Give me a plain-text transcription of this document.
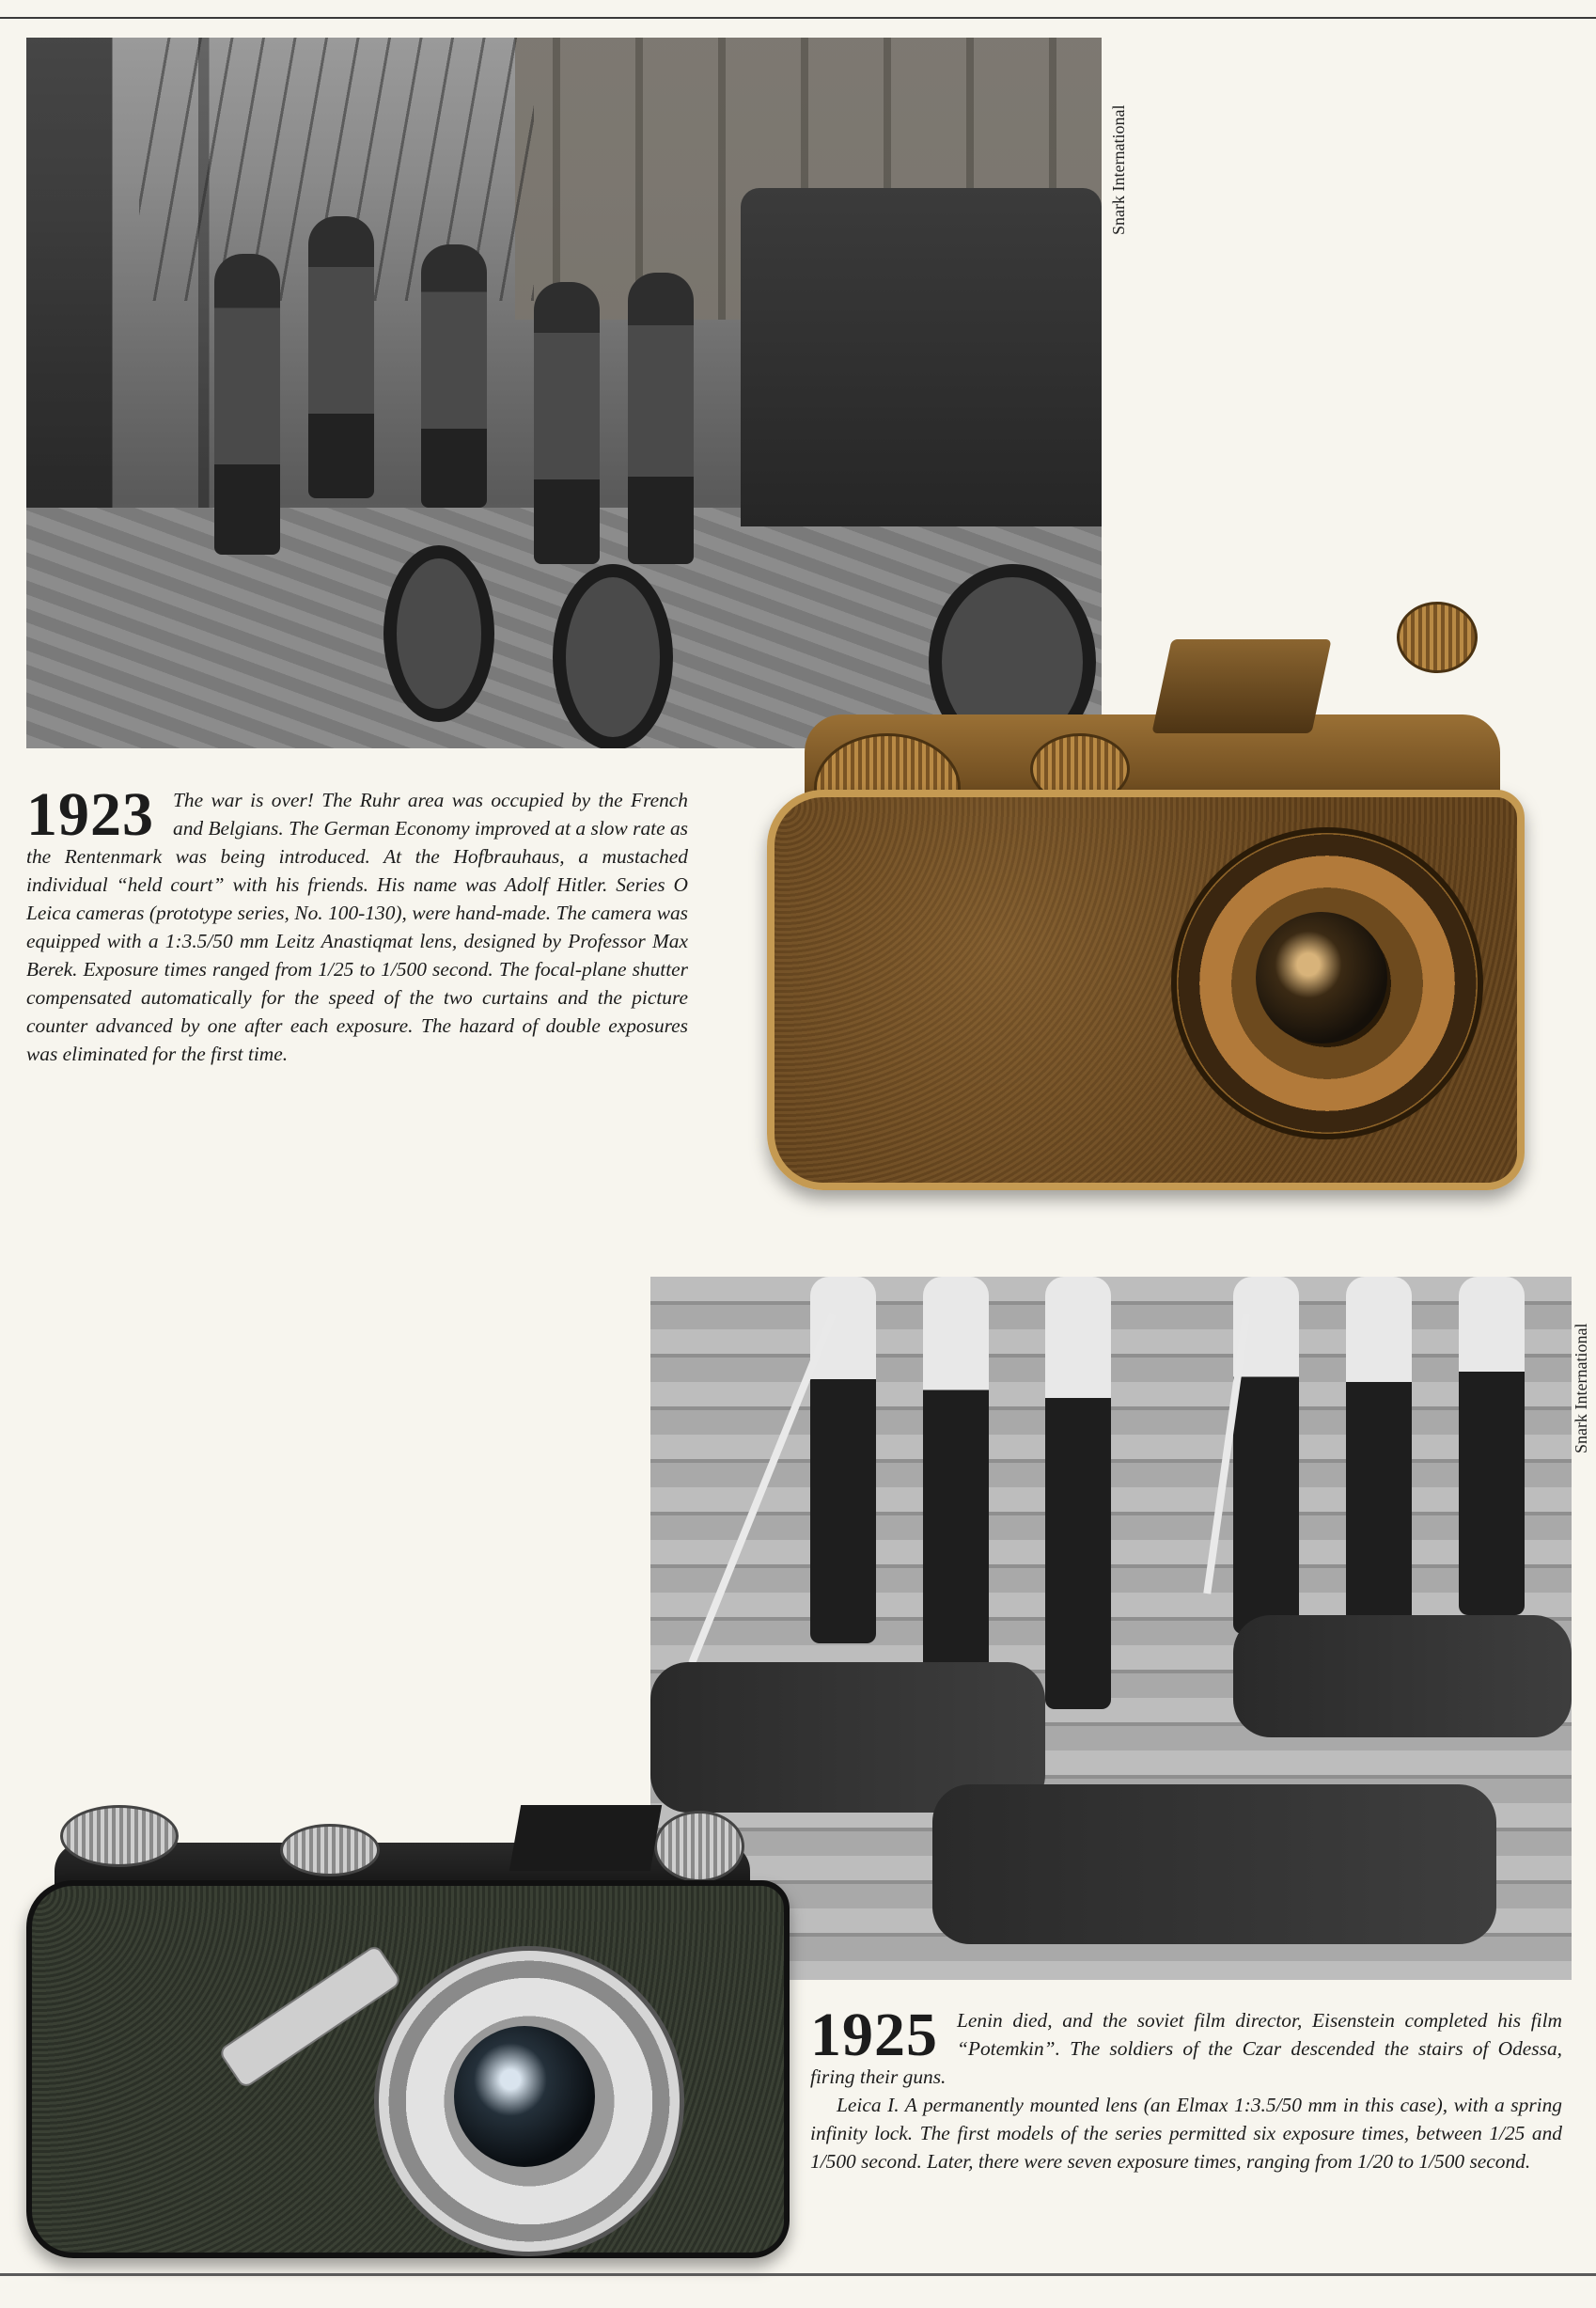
Snark International
1923 The war is over! The Ruhr area was occupied by the French and Belgians. The German Economy improved at a slow rate as the Rentenmark was being introduced. At the Hofbrauhaus, a mustached individual “held court” with his friends. His name was Adolf Hitler. Series O Leica cameras (prototype series, No. 100-130), were hand-made. The camera was equipped with a 1:3.5/50 mm Leitz Anastiqmat lens, designed by Professor Max Berek. Exposure times ranged from 1/25 to 1/500 second. The focal-plane shutter compensated automatically for the speed of the two curtains and the picture counter advanced by one after each exposure. The hazard of double exposures was eliminated for the first time.

Snark International
1925 Lenin died, and the soviet film director, Eisenstein completed his film “Potemkin”. The soldiers of the Czar descended the stairs of Odessa, firing their guns.

Leica I. A permanently mounted lens (an Elmax 1:3.5/50 mm in this case), with a spring infinity lock. The first models of the series permitted six exposure times, between 1/25 and 1/500 second. Later, there were seven exposure times, ranging from 1/20 to 1/500 second.
